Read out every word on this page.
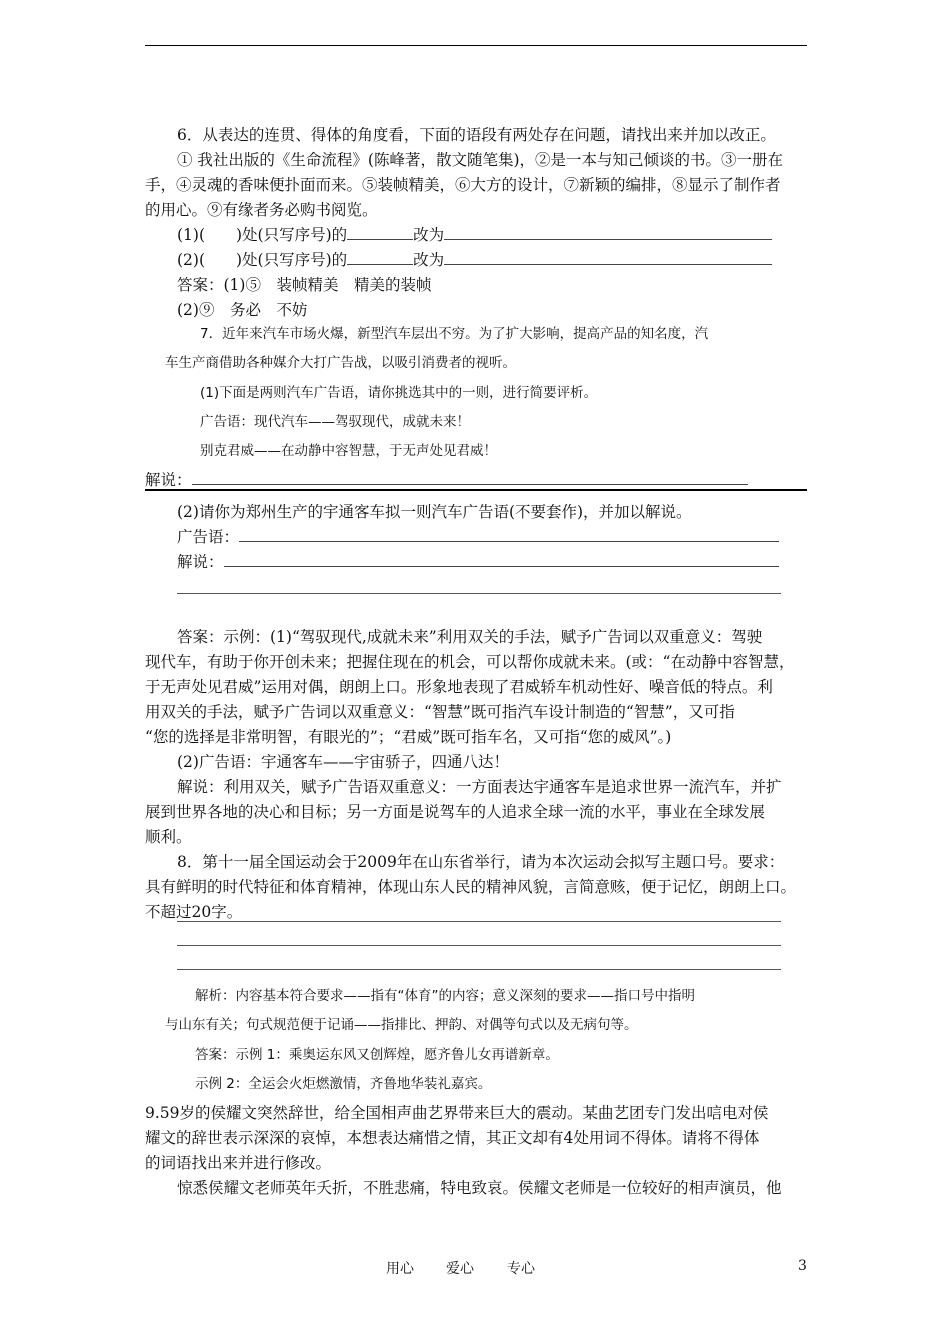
6．从表达的连贯、得体的角度看，下面的语段有两处存在问题，请找出来并加以改正。
① 我社出版的《生命流程》(陈峰著，散文随笔集)，②是一本与知己倾谈的书。③一册在
手，④灵魂的香味便扑面而来。⑤装帧精美，⑥大方的设计，⑦新颖的编排，⑧显示了制作者
的用心。⑨有缘者务必购书阅览。
(1)(　　)处(只写序号)的	改为
(2)(　　)处(只写序号)的	改为
答案：(1)⑤　装帧精美　精美的装帧
(2)⑨　务必　不妨
7．近年来汽车市场火爆，新型汽车层出不穷。为了扩大影响，提高产品的知名度，汽
车生产商借助各种媒介大打广告战，以吸引消费者的视听。
(1)下面是两则汽车广告语，请你挑选其中的一则，进行简要评析。
广告语：现代汽车——驾驭现代，成就未来！
别克君威——在动静中容智慧，于无声处见君威！
解说：
(2)请你为郑州生产的宇通客车拟一则汽车广告语(不要套作)，并加以解说。
广告语：
解说：
答案：示例：(1)“驾驭现代,成就未来”利用双关的手法，赋予广告词以双重意义：驾驶
现代车，有助于你开创未来；把握住现在的机会，可以帮你成就未来。(或：“在动静中容智慧，
于无声处见君威”运用对偶，朗朗上口。形象地表现了君威轿车机动性好、噪音低的特点。利
用双关的手法，赋予广告词以双重意义：“智慧”既可指汽车设计制造的“智慧”，又可指
“您的选择是非常明智，有眼光的”；“君威”既可指车名，又可指“您的威风”。)
(2)广告语：宇通客车——宇宙骄子，四通八达！
解说：利用双关，赋予广告语双重意义：一方面表达宇通客车是追求世界一流汽车，并扩
展到世界各地的决心和目标；另一方面是说驾车的人追求全球一流的水平，事业在全球发展
顺利。
8．第十一届全国运动会于2009年在山东省举行，请为本次运动会拟写主题口号。要求：
具有鲜明的时代特征和体育精神，体现山东人民的精神风貌，言简意赅，便于记忆，朗朗上口。
不超过20字。
解析：内容基本符合要求——指有“体育”的内容；意义深刻的要求——指口号中指明
与山东有关；句式规范便于记诵——指排比、押韵、对偶等句式以及无病句等。
答案：示例 1：乘奥运东风又创辉煌，愿齐鲁儿女再谱新章。
示例 2：全运会火炬燃激情，齐鲁地华装礼嘉宾。
9.59岁的侯耀文突然辞世，给全国相声曲艺界带来巨大的震动。某曲艺团专门发出唁电对侯
耀文的辞世表示深深的哀悼，本想表达痛惜之情，其正文却有4处用词不得体。请将不得体
的词语找出来并进行修改。
惊悉侯耀文老师英年夭折，不胜悲痛，特电致哀。侯耀文老师是一位较好的相声演员，他
用心 爱心 专心	3
